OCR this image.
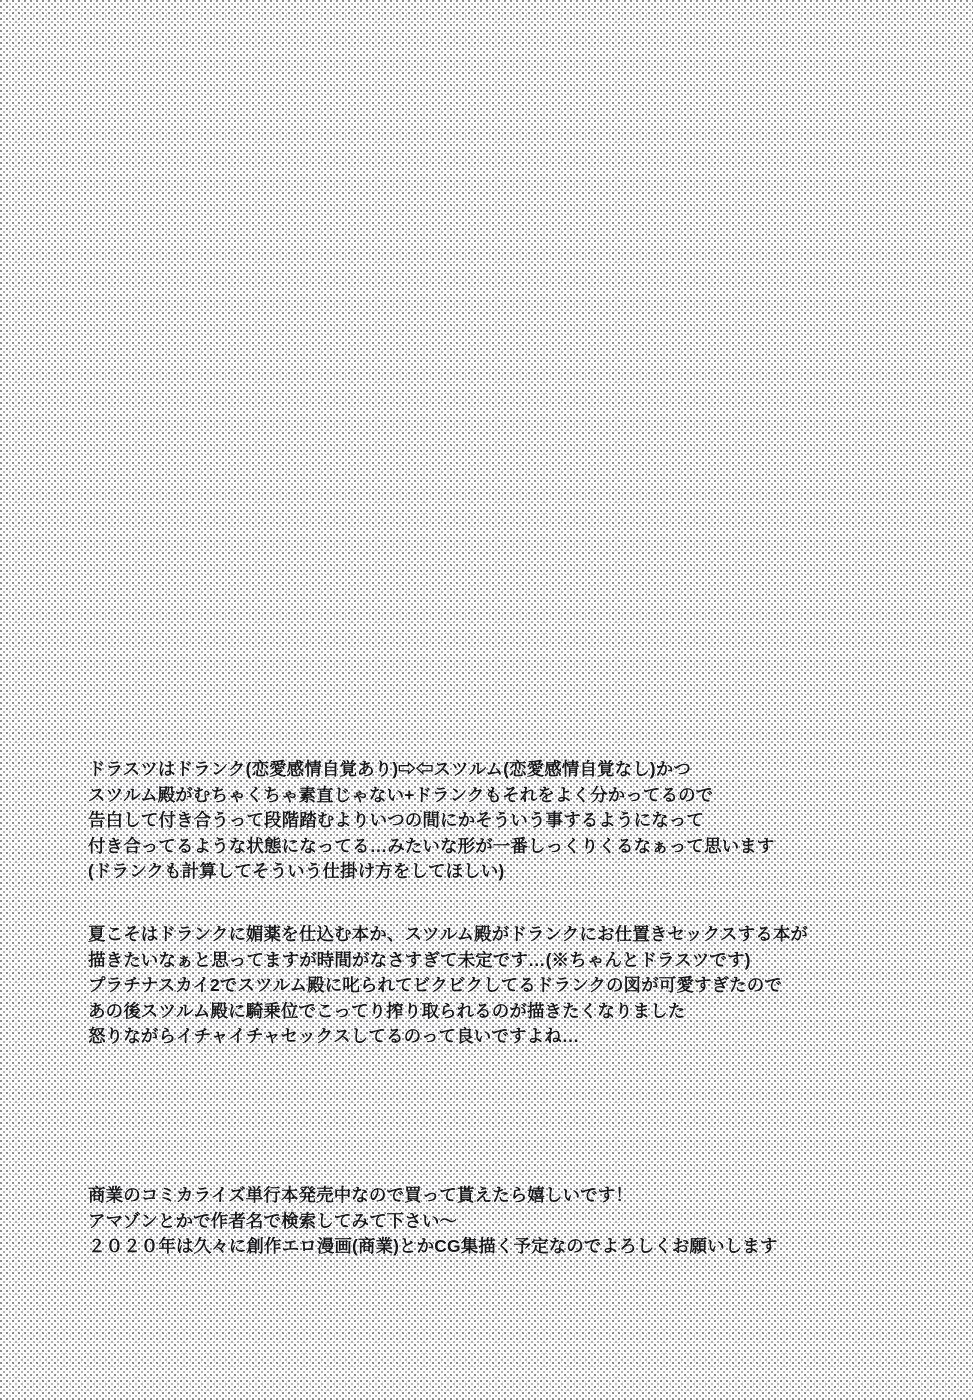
ドラスツはドランク(恋愛感情自覚あり)⇨⇦スツルム(恋愛感情自覚なし)かつ
スツルム殿がむちゃくちゃ素直じゃない+ドランクもそれをよく分かってるので
告白して付き合うって段階踏むよりいつの間にかそういう事するようになって
付き合ってるような状態になってる…みたいな形が一番しっくりくるなぁって思います
(ドランクも計算してそういう仕掛け方をしてほしい)
夏こそはドランクに媚薬を仕込む本か、スツルム殿がドランクにお仕置きセックスする本が
描きたいなぁと思ってますが時間がなさすぎて未定です…(※ちゃんとドラスツです)
プラチナスカイ2でスツルム殿に叱られてビクビクしてるドランクの図が可愛すぎたので
あの後スツルム殿に騎乗位でこってり搾り取られるのが描きたくなりました
怒りながらイチャイチャセックスしてるのって良いですよね…
商業のコミカライズ単行本発売中なので買って貰えたら嬉しいです！
アマゾンとかで作者名で検索してみて下さい〜
２０２０年は久々に創作エロ漫画(商業)とかCG集描く予定なのでよろしくお願いします
